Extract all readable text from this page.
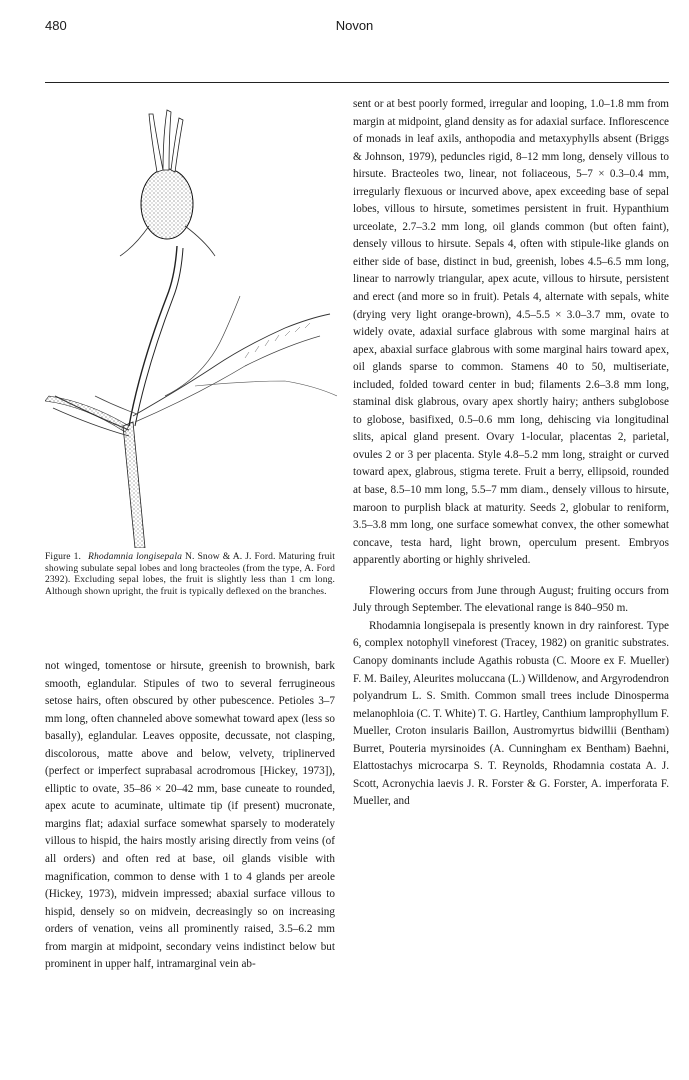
480	Novon
Figure 1. Rhodamnia longisepala N. Snow & A. J. Ford. Maturing fruit showing subulate sepal lobes and long bracteoles (from the type, A. Ford 2392). Excluding sepal lobes, the fruit is slightly less than 1 cm long. Although shown upright, the fruit is typically deflexed on the branches.

not winged, tomentose or hirsute, greenish to brownish, bark smooth, eglandular. Stipules of two to several ferrugineous setose hairs, often obscured by other pubescence. Petioles 3–7 mm long, often channeled above somewhat toward apex (less so basally), eglandular. Leaves opposite, decussate, not clasping, discolorous, matte above and below, velvety, triplinerved (perfect or imperfect suprabasal acrodromous [Hickey, 1973]), elliptic to ovate, 35–86 × 20–42 mm, base cuneate to rounded, apex acute to acuminate, ultimate tip (if present) mucronate, margins flat; adaxial surface somewhat sparsely to moderately villous to hispid, the hairs mostly arising directly from veins (of all orders) and often red at base, oil glands visible with magnification, common to dense with 1 to 4 glands per areole (Hickey, 1973), midvein impressed; abaxial surface villous to hispid, densely so on midvein, decreasingly so on increasing orders of venation, veins all prominently raised, 3.5–6.2 mm from margin at midpoint, secondary veins indistinct below but prominent in upper half, intramarginal vein ab-

sent or at best poorly formed, irregular and looping, 1.0–1.8 mm from margin at midpoint, gland density as for adaxial surface. Inflorescence of monads in leaf axils, anthopodia and metaxyphylls absent (Briggs & Johnson, 1979), peduncles rigid, 8–12 mm long, densely villous to hirsute. Bracteoles two, linear, not foliaceous, 5–7 × 0.3–0.4 mm, irregularly flexuous or incurved above, apex exceeding base of sepal lobes, villous to hirsute, sometimes persistent in fruit. Hypanthium urceolate, 2.7–3.2 mm long, oil glands common (but often faint), densely villous to hirsute. Sepals 4, often with stipule-like glands on either side of base, distinct in bud, greenish, lobes 4.5–6.5 mm long, linear to narrowly triangular, apex acute, villous to hirsute, persistent and erect (and more so in fruit). Petals 4, alternate with sepals, white (drying very light orange-brown), 4.5–5.5 × 3.0–3.7 mm, ovate to widely ovate, adaxial surface glabrous with some marginal hairs at apex, abaxial surface glabrous with some marginal hairs toward apex, oil glands sparse to common. Stamens 40 to 50, multiseriate, included, folded toward center in bud; filaments 2.6–3.8 mm long, staminal disk glabrous, ovary apex shortly hairy; anthers subglobose to globose, basifixed, 0.5–0.6 mm long, dehiscing via longitudinal slits, apical gland present. Ovary 1-locular, placentas 2, parietal, ovules 2 or 3 per placenta. Style 4.8–5.2 mm long, straight or curved toward apex, glabrous, stigma terete. Fruit a berry, ellipsoid, rounded at base, 8.5–10 mm long, 5.5–7 mm diam., densely villous to hirsute, maroon to purplish black at maturity. Seeds 2, globular to reniform, 3.5–3.8 mm long, one surface somewhat convex, the other somewhat concave, testa hard, light brown, operculum present. Embryos apparently aborting or highly shriveled.

Flowering occurs from June through August; fruiting occurs from July through September. The elevational range is 840–950 m.

Rhodamnia longisepala is presently known in dry rainforest. Type 6, complex notophyll vineforest (Tracey, 1982) on granitic substrates. Canopy dominants include Agathis robusta (C. Moore ex F. Mueller) F. M. Bailey, Aleurites moluccana (L.) Willdenow, and Argyrodendron polyandrum L. S. Smith. Common small trees include Dinosperma melanophloia (C. T. White) T. G. Hartley, Canthium lamprophyllum F. Mueller, Croton insularis Baillon, Austromyrtus bidwillii (Bentham) Burret, Pouteria myrsinoides (A. Cunningham ex Bentham) Baehni, Elattostachys microcarpa S. T. Reynolds, Rhodamnia costata A. J. Scott, Acronychia laevis J. R. Forster & G. Forster, A. imperforata F. Mueller, and
